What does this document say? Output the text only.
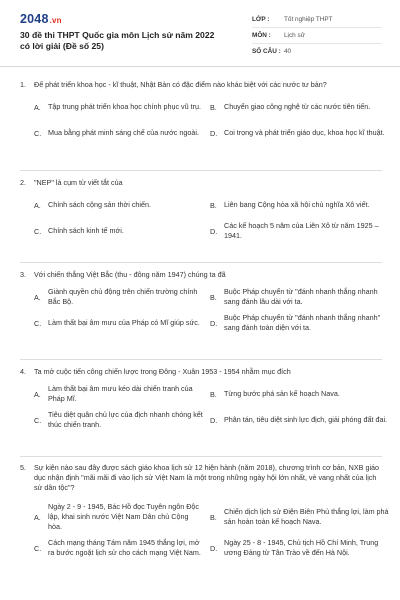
2048.vn
30 đề thi THPT Quốc gia môn Lịch sử năm 2022 có lời giải (Đề số 25)
LỚP :	Tốt nghiệp THPT
MÔN :	Lịch sử
SỐ CÂU : 40
1.	Để phát triển khoa học - kĩ thuật, Nhật Bản có đặc điểm nào khác biệt với các nước tư bản?
A.	Tập trung phát triển khoa học chính phục vũ trụ. B.	Chuyển giao công nghệ từ các nước tiên tiến.
C. Mua bằng phát minh sáng chế của nước ngoài. D. Coi trọng và phát triển giáo dục, khoa học kĩ thuật.
2.	"NEP" là cụm từ viết tắt của
A.	Chính sách cộng sản thời chiến.	B.	Liên bang Cộng hòa xã hội chủ nghĩa Xô viết.
C. Chính sách kinh tế mới.	D.
Các kế hoạch 5 năm của Liên Xô từ năm 1925 – 1941.
3.	Với chiến thắng Việt Bắc (thu - đông năm 1947) chúng ta đã
A.
Giành quyền chủ động trên chiến trường chính Bắc Bộ.	B.
Buộc Pháp chuyển từ "đánh nhanh thắng nhanh sang đánh lâu dài với ta.
C. Làm thất bại âm mưu của Pháp có Mĩ giúp sức. D.
Buộc Pháp chuyển từ "đánh nhanh thắng nhanh" sang đánh toàn diện với ta.
4.	Ta mở cuộc tiến công chiến lược trong Đông - Xuân 1953 - 1954 nhằm mục đích
A.
Làm thất bại âm mưu kéo dài chiến tranh của Pháp Mĩ.	B.	Từng bước phá sản kế hoạch Nava.
C.
Tiêu diệt quân chủ lực của địch nhanh chóng kết thúc chiến tranh.	D. Phân tán, tiêu diệt sinh lực địch, giải phóng đất đai.
5.	Sự kiện nào sau đây được sách giáo khoa lịch sử 12 hiện hành (năm 2018), chương trình cơ bản, NXB giáo dục nhận định "mãi mãi đi vào lịch sử Việt Nam là một trong những ngày hội lớn nhất, vẻ vang nhất của lịch sử dân tộc"?
A.
Ngày 2 - 9 - 1945, Bác Hồ đọc Tuyên ngôn Độc lập, khai sinh nước Việt Nam Dân chủ Cộng hòa.
B.
Chiến dịch lịch sử Điện Biên Phủ thắng lợi, làm phá sản hoàn toàn kế hoạch Nava.
C.
Cách mạng tháng Tám năm 1945 thắng lợi, mở ra bước ngoặt lịch sử cho cách mạng Việt Nam.	D.
Ngày 25 - 8 - 1945, Chủ tịch Hồ Chí Minh, Trung ương Đảng từ Tân Trào về đến Hà Nội.
